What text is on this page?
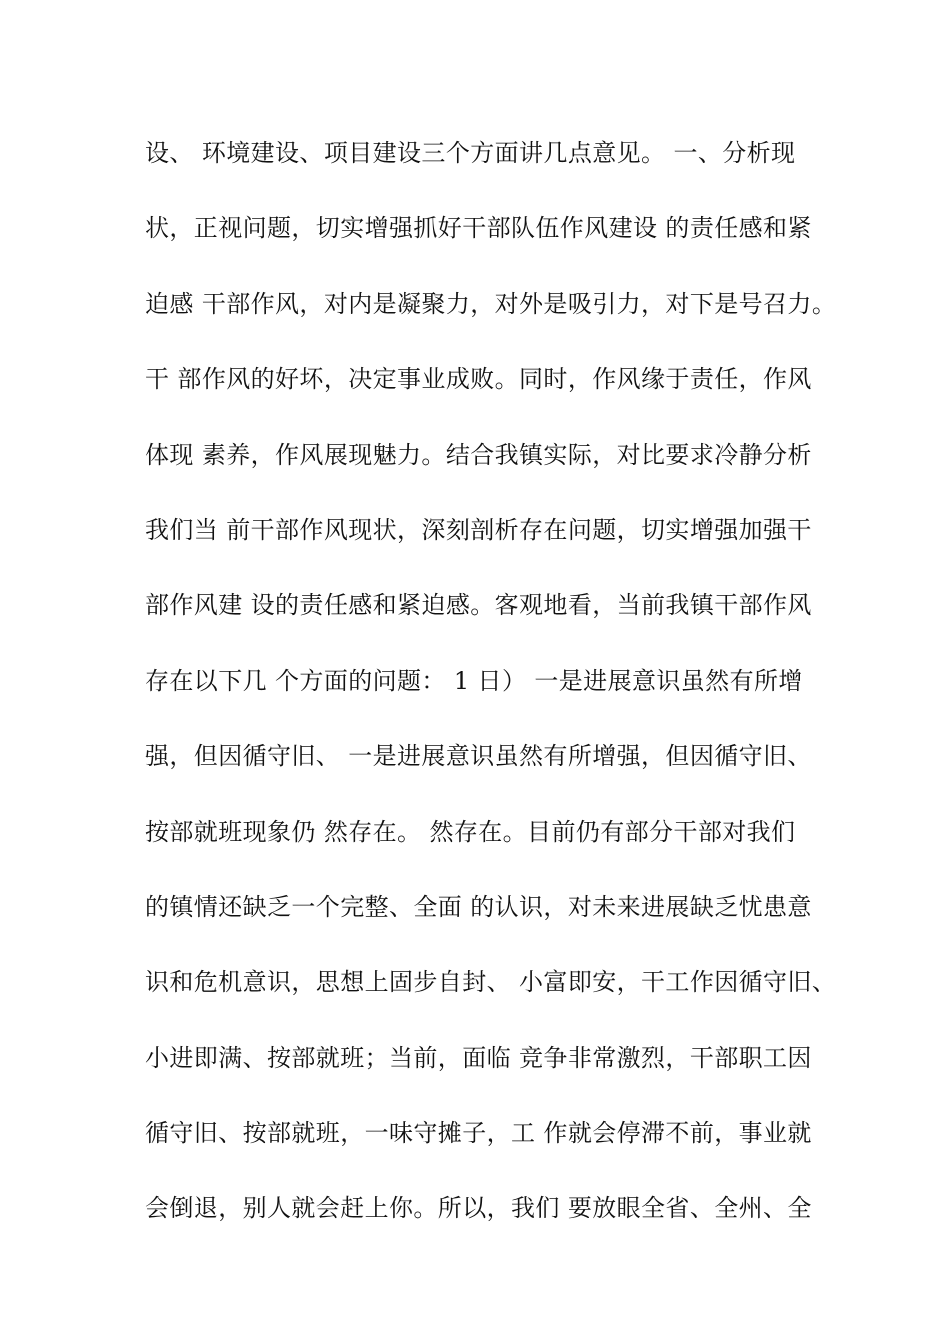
设、 环境建设、项目建设三个方面讲几点意见。 一、分析现
状，正视问题，切实增强抓好干部队伍作风建设 的责任感和紧
迫感 干部作风，对内是凝聚力，对外是吸引力，对下是号召力。
干 部作风的好坏，决定事业成败。同时，作风缘于责任，作风
体现 素养，作风展现魅力。结合我镇实际，对比要求冷静分析
我们当 前干部作风现状，深刻剖析存在问题，切实增强加强干
部作风建 设的责任感和紧迫感。客观地看，当前我镇干部作风
存在以下几 个方面的问题： 1 日） 一是进展意识虽然有所增
强，但因循守旧、 一是进展意识虽然有所增强，但因循守旧、
按部就班现象仍 然存在。 然存在。目前仍有部分干部对我们
的镇情还缺乏一个完整、全面 的认识，对未来进展缺乏忧患意
识和危机意识，思想上固步自封、 小富即安，干工作因循守旧、
小进即满、按部就班；当前，面临 竞争非常激烈，干部职工因
循守旧、按部就班，一味守摊子，工 作就会停滞不前，事业就
会倒退，别人就会赶上你。所以，我们 要放眼全省、全州、全
